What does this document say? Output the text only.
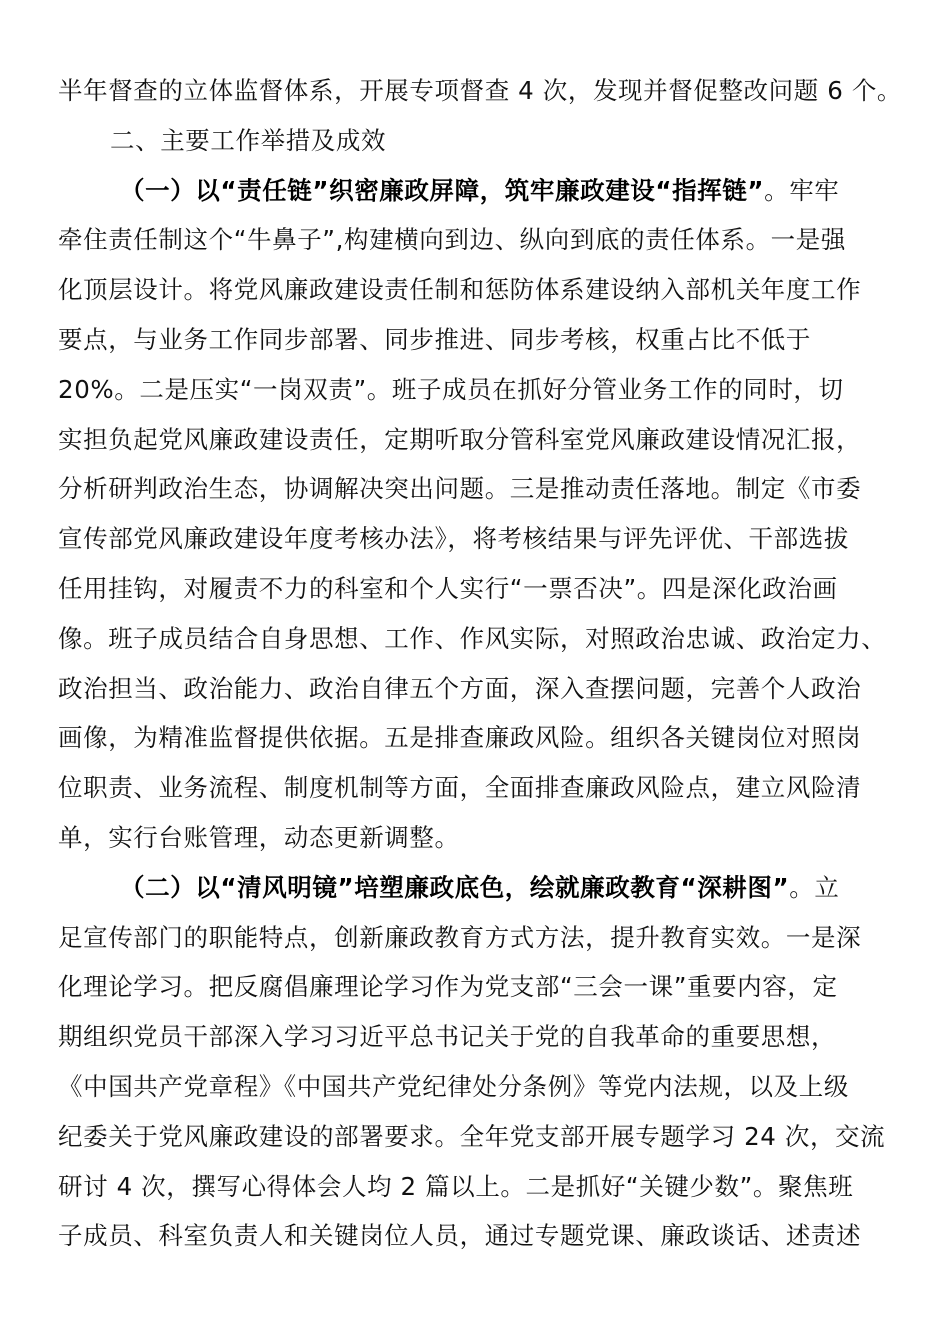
半年督查的立体监督体系，开展专项督查 4 次，发现并督促整改问题 6 个。
二、主要工作举措及成效
（一）以“责任链”织密廉政屏障，筑牢廉政建设“指挥链”。牢牢
牵住责任制这个“牛鼻子”,构建横向到边、纵向到底的责任体系。一是强
化顶层设计。将党风廉政建设责任制和惩防体系建设纳入部机关年度工作
要点，与业务工作同步部署、同步推进、同步考核，权重占比不低于
20%。二是压实“一岗双责”。班子成员在抓好分管业务工作的同时，切
实担负起党风廉政建设责任，定期听取分管科室党风廉政建设情况汇报，
分析研判政治生态，协调解决突出问题。三是推动责任落地。制定《市委
宣传部党风廉政建设年度考核办法》，将考核结果与评先评优、干部选拔
任用挂钩，对履责不力的科室和个人实行“一票否决”。四是深化政治画
像。班子成员结合自身思想、工作、作风实际，对照政治忠诚、政治定力、
政治担当、政治能力、政治自律五个方面，深入查摆问题，完善个人政治
画像，为精准监督提供依据。五是排查廉政风险。组织各关键岗位对照岗
位职责、业务流程、制度机制等方面，全面排查廉政风险点，建立风险清
单，实行台账管理，动态更新调整。
（二）以“清风明镜”培塑廉政底色，绘就廉政教育“深耕图”。立
足宣传部门的职能特点，创新廉政教育方式方法，提升教育实效。一是深
化理论学习。把反腐倡廉理论学习作为党支部“三会一课”重要内容，定
期组织党员干部深入学习习近平总书记关于党的自我革命的重要思想，
《中国共产党章程》《中国共产党纪律处分条例》等党内法规，以及上级
纪委关于党风廉政建设的部署要求。全年党支部开展专题学习 24 次，交流
研讨 4 次，撰写心得体会人均 2 篇以上。二是抓好“关键少数”。聚焦班
子成员、科室负责人和关键岗位人员，通过专题党课、廉政谈话、述责述
